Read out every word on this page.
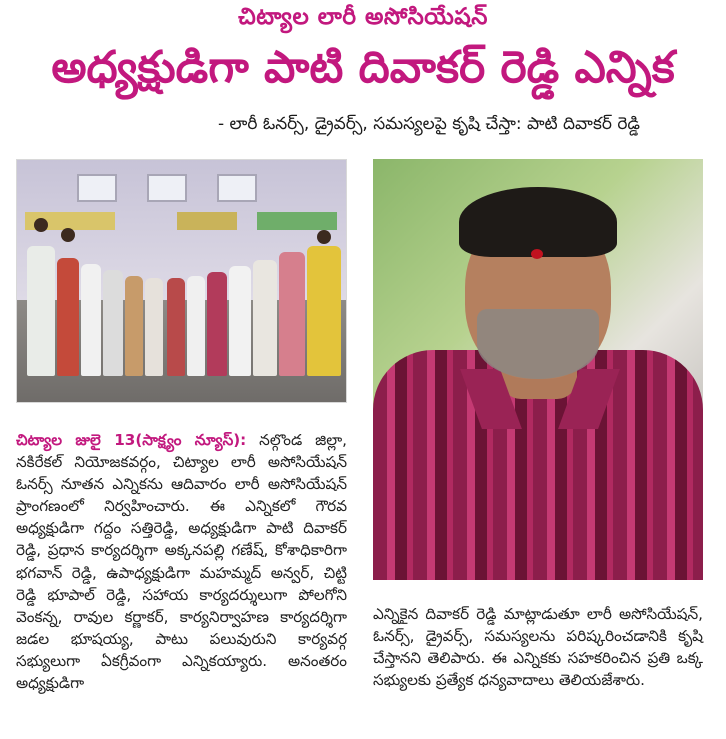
చిట్యాల లారీ అసోసియేషన్
అధ్యక్షుడిగా పాటి దివాకర్ రెడ్డి ఎన్నిక
- లారీ ఓనర్స్, డ్రైవర్స్, సమస్యలపై కృషి చేస్తా: పాటి దివాకర్ రెడ్డి
చిట్యాల జులై 13(సాక్ష్యం న్యూస్): నల్గొండ జిల్లా, నకిరేకల్ నియోజకవర్గం, చిట్యాల లారీ అసోసియేషన్ ఓనర్స్ నూతన ఎన్నికను ఆదివారం లారీ అసోసియేషన్ ప్రాంగణంలో నిర్వహించారు. ఈ ఎన్నికలో గౌరవ అధ్యక్షుడిగా గద్దం సత్తిరెడ్డి, అధ్యక్షుడిగా పాటి దివాకర్ రెడ్డి, ప్రధాన కార్యదర్శిగా అక్కనపల్లి గణేష్, కోశాధికారిగా భగవాన్ రెడ్డి, ఉపాధ్యక్షుడిగా మహమ్మద్ అన్వర్, చిట్టి రెడ్డి భూపాల్ రెడ్డి, సహాయ కార్యదర్శులుగా పోలగోని వెంకన్న, రావుల కర్ణాకర్, కార్యనిర్వాహణ కార్యదర్శిగా జడల భూషయ్య, పాటు పలువురుని కార్యవర్గ సభ్యులుగా ఏకగ్రీవంగా ఎన్నికయ్యారు. అనంతరం అధ్యక్షుడిగా
ఎన్నికైన దివాకర్ రెడ్డి మాట్లాడుతూ లారీ అసోసియేషన్, ఓనర్స్, డ్రైవర్స్, సమస్యలను పరిష్కరించడానికి కృషి చేస్తానని తెలిపారు. ఈ ఎన్నికకు సహకరించిన ప్రతి ఒక్క సభ్యులకు ప్రత్యేక ధన్యవాదాలు తెలియజేశారు.
